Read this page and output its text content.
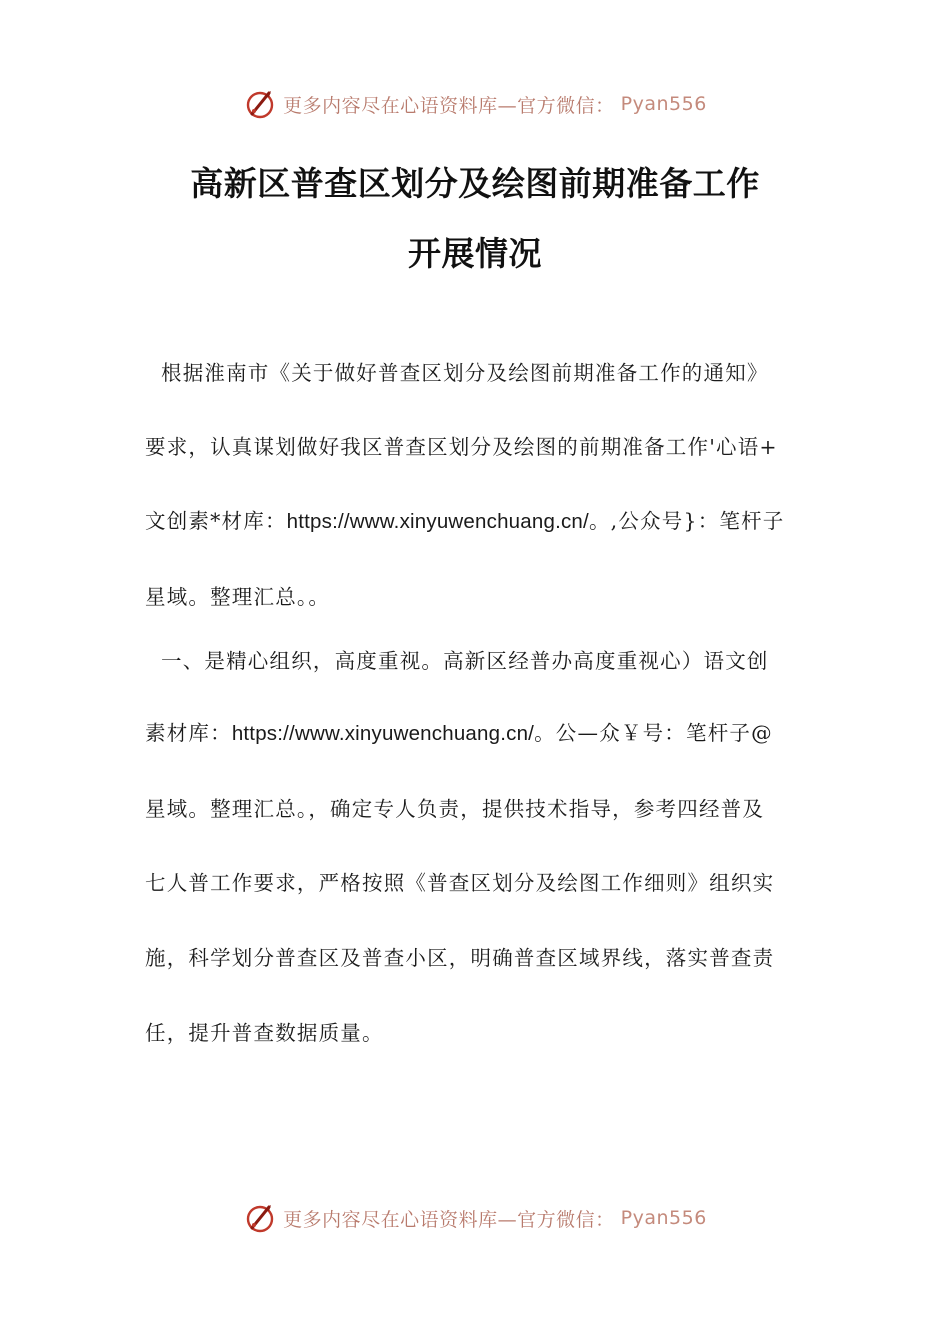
更多内容尽在心语资料库—官方微信： Pyan556
高新区普查区划分及绘图前期准备工作
开展情况
根据淮南市《关于做好普查区划分及绘图前期准备工作的通知》
要求，认真谋划做好我区普查区划分及绘图的前期准备工作'心语+
文创素*材库：https://www.xinyuwenchuang.cn/。,公众号}：笔杆子
星域。整理汇总。。
一、是精心组织，高度重视。高新区经普办高度重视心）语文创
素材库：https://www.xinyuwenchuang.cn/。公—众￥号：笔杆子@
星域。整理汇总。，确定专人负责，提供技术指导，参考四经普及
七人普工作要求，严格按照《普查区划分及绘图工作细则》组织实
施，科学划分普查区及普查小区，明确普查区域界线，落实普查责
任，提升普查数据质量。
更多内容尽在心语资料库—官方微信： Pyan556
